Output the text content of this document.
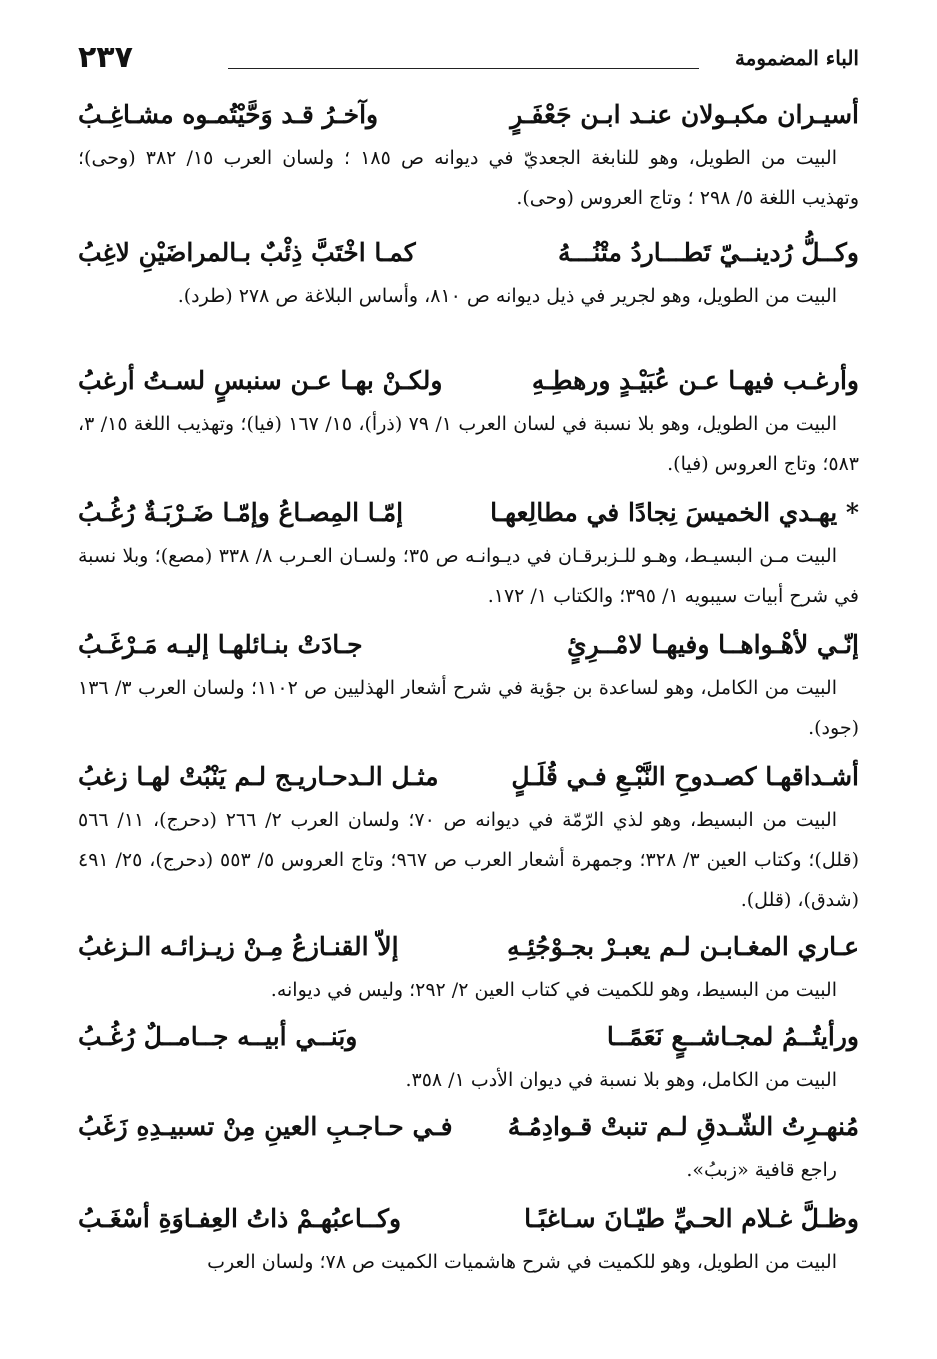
الباء المضمومة
٢٣٧
أسيـران مكبـولان عنـد ابـن جَعْفَـرٍ
وآخـرُ قـد وَحَّيْتُمـوه مشـاغِـبُ
البيت من الطويل، وهو للنابغة الجعديّ في ديوانه ص ١٨٥ ؛ ولسان العرب ١٥/ ٣٨٢ (وحى)؛ وتهذيب اللغة ٥/ ٢٩٨ ؛ وتاج العروس (وحى).
وكــلُّ رُدينــيّ تَطـــاردُ متْنُـــهُ
كمـا اخْتَبَّ ذِئْبٌ بـالمراضَيْنِ لاغِبُ
البيت من الطويل، وهو لجرير في ذيل ديوانه ص ٨١٠، وأساس البلاغة ص ٢٧٨ (طرد).
وأرغـب فيهـا عـن عُبَيْـدٍ ورهطِـهِ
ولكـنْ بهـا عـن سنبسٍ لسـتُ أرغبُ
البيت من الطويل، وهو بلا نسبة في لسان العرب ١/ ٧٩ (ذرأ)، ١٥/ ١٦٧ (فيا)؛ وتهذيب اللغة ١٥/ ٣، ٥٨٣؛ وتاج العروس (فيا).
* يهـدي الخميسَ نِجادًا في مطالِعهـا
إمّـا المِصـاعُ وإمّـا ضَـرْبَـةٌ رُغُـبُ
البيت مـن البسيـط، وهـو للـزبرقـان في ديـوانـه ص ٣٥؛ ولسـان العـرب ٨/ ٣٣٨ (مصع)؛ وبلا نسبة في شرح أبيات سيبويه ١/ ٣٩٥؛ والكتاب ١/ ١٧٢.
إنّـي لأهْـواهــا وفيهـا لامْــرِئٍ
جـادَتْ بنـائلهـا إليـه مَـرْغَـبُ
البيت من الكامل، وهو لساعدة بن جؤية في شرح أشعار الهذليين ص ١١٠٢؛ ولسان العرب ٣/ ١٣٦ (جود).
أشـداقهـا كصـدوحِ النَّبْـعِ فـي قُلَـلٍ
مثـل الـدحـاريـج لـم يَنْبُتْ لهـا زغبُ
البيت من البسيط، وهو لذي الرّمّة في ديوانه ص ٧٠؛ ولسان العرب ٢/ ٢٦٦ (دحرج)، ١١/ ٥٦٦ (قلل)؛ وكتاب العين ٣/ ٣٢٨؛ وجمهرة أشعار العرب ص ٩٦٧؛ وتاج العروس ٥/ ٥٥٣ (دحرج)، ٢٥/ ٤٩١ (شدق)، (قلل).
عـاري المغـابـن لـم يعبـرْ بجـوْجُئِـهِ
إلاّ القنـازعُ مِـنْ زيـزائـه الـزغبُ
البيت من البسيط، وهو للكميت في كتاب العين ٢/ ٢٩٢؛ وليس في ديوانه.
ورأيتُــمُ لمجـاشــعٍ نَعَمًــا
وبَنــي أبيــه جــامــلٌ رُغُـبُ
البيت من الكامل، وهو بلا نسبة في ديوان الأدب ١/ ٣٥٨.
مُنهـرِتُ الشّـدقِ لـم تنبتْ قـوادِمُـهُ
فـي حـاجـبِ العينِ مِنْ تسبيـدِهِ زَغَبُ
راجع قافية «زببُ».
وظـلَّ غـلام الحـيِّ طيّـانَ سـاغبًـا
وكــاعبُهـمْ ذاتُ العِفـاوَةِ أسْغَـبُ
البيت من الطويل، وهو للكميت في شرح هاشميات الكميت ص ٧٨؛ ولسان العرب
